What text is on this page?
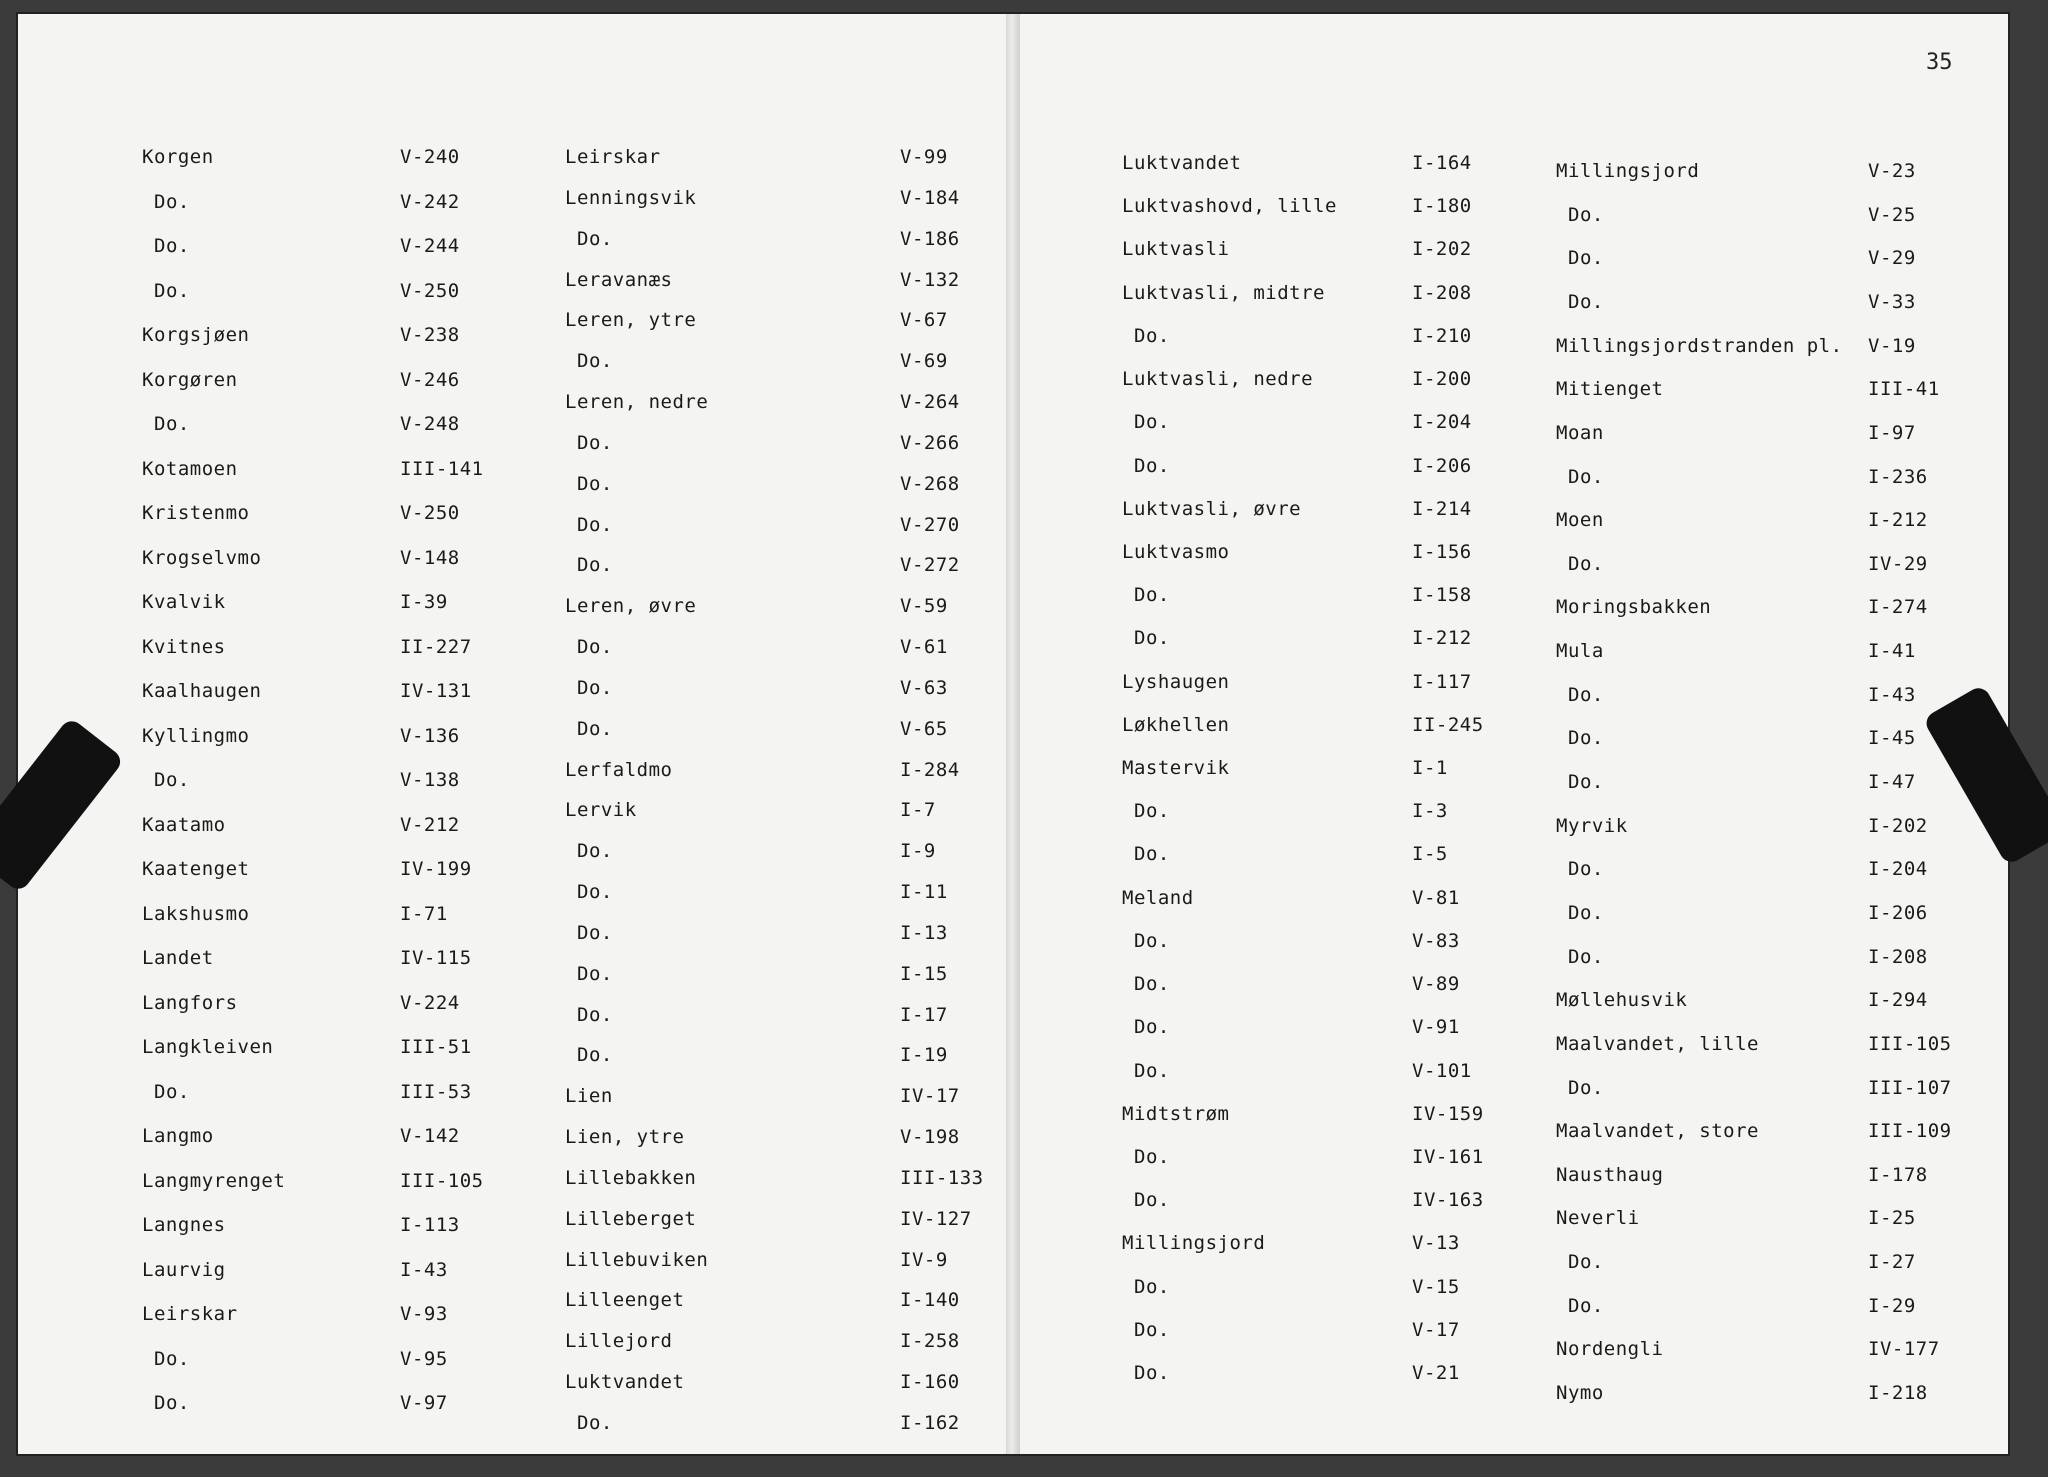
35
Korgen	V-240
Do.	V-242
Do.	V-244
Do.	V-250
Korgsjøen	V-238
Korgøren	V-246
Do.	V-248
Kotamoen	III-141
Kristenmo	V-250
Krogselvmo	V-148
Kvalvik	I-39
Kvitnes	II-227
Kaalhaugen	IV-131
Kyllingmo	V-136
Do.	V-138
Kaatamo	V-212
Kaatenget	IV-199
Lakshusmo	I-71
Landet	IV-115
Langfors	V-224
Langkleiven	III-51
Do.	III-53
Langmo	V-142
Langmyrenget	III-105
Langnes	I-113
Laurvig	I-43
Leirskar	V-93
Do.	V-95
Do.	V-97
Leirskar	V-99
Lenningsvik	V-184
Do.	V-186
Leravanæs	V-132
Leren, ytre	V-67
Do.	V-69
Leren, nedre	V-264
Do.	V-266
Do.	V-268
Do.	V-270
Do.	V-272
Leren, øvre	V-59
Do.	V-61
Do.	V-63
Do.	V-65
Lerfaldmo	I-284
Lervik	I-7
Do.	I-9
Do.	I-11
Do.	I-13
Do.	I-15
Do.	I-17
Do.	I-19
Lien	IV-17
Lien, ytre	V-198
Lillebakken	III-133
Lilleberget	IV-127
Lillebuviken	IV-9
Lilleenget	I-140
Lillejord	I-258
Luktvandet	I-160
Do.	I-162
Luktvandet	I-164
Luktvashovd, lille	I-180
Luktvasli	I-202
Luktvasli, midtre	I-208
Do.	I-210
Luktvasli, nedre	I-200
Do.	I-204
Do.	I-206
Luktvasli, øvre	I-214
Luktvasmo	I-156
Do.	I-158
Do.	I-212
Lyshaugen	I-117
Løkhellen	II-245
Mastervik	I-1
Do.	I-3
Do.	I-5
Meland	V-81
Do.	V-83
Do.	V-89
Do.	V-91
Do.	V-101
Midtstrøm	IV-159
Do.	IV-161
Do.	IV-163
Millingsjord	V-13
Do.	V-15
Do.	V-17
Do.	V-21
Millingsjord	V-23
Do.	V-25
Do.	V-29
Do.	V-33
Millingsjordstranden pl. V-19
Mitienget	III-41
Moan	I-97
Do.	I-236
Moen	I-212
Do.	IV-29
Moringsbakken	I-274
Mula	I-41
Do.	I-43
Do.	I-45
Do.	I-47
Myrvik	I-202
Do.	I-204
Do.	I-206
Do.	I-208
Møllehusvik	I-294
Maalvandet, lille	III-105
Do.	III-107
Maalvandet, store	III-109
Nausthaug	I-178
Neverli	I-25
Do.	I-27
Do.	I-29
Nordengli	IV-177
Nymo	I-218
